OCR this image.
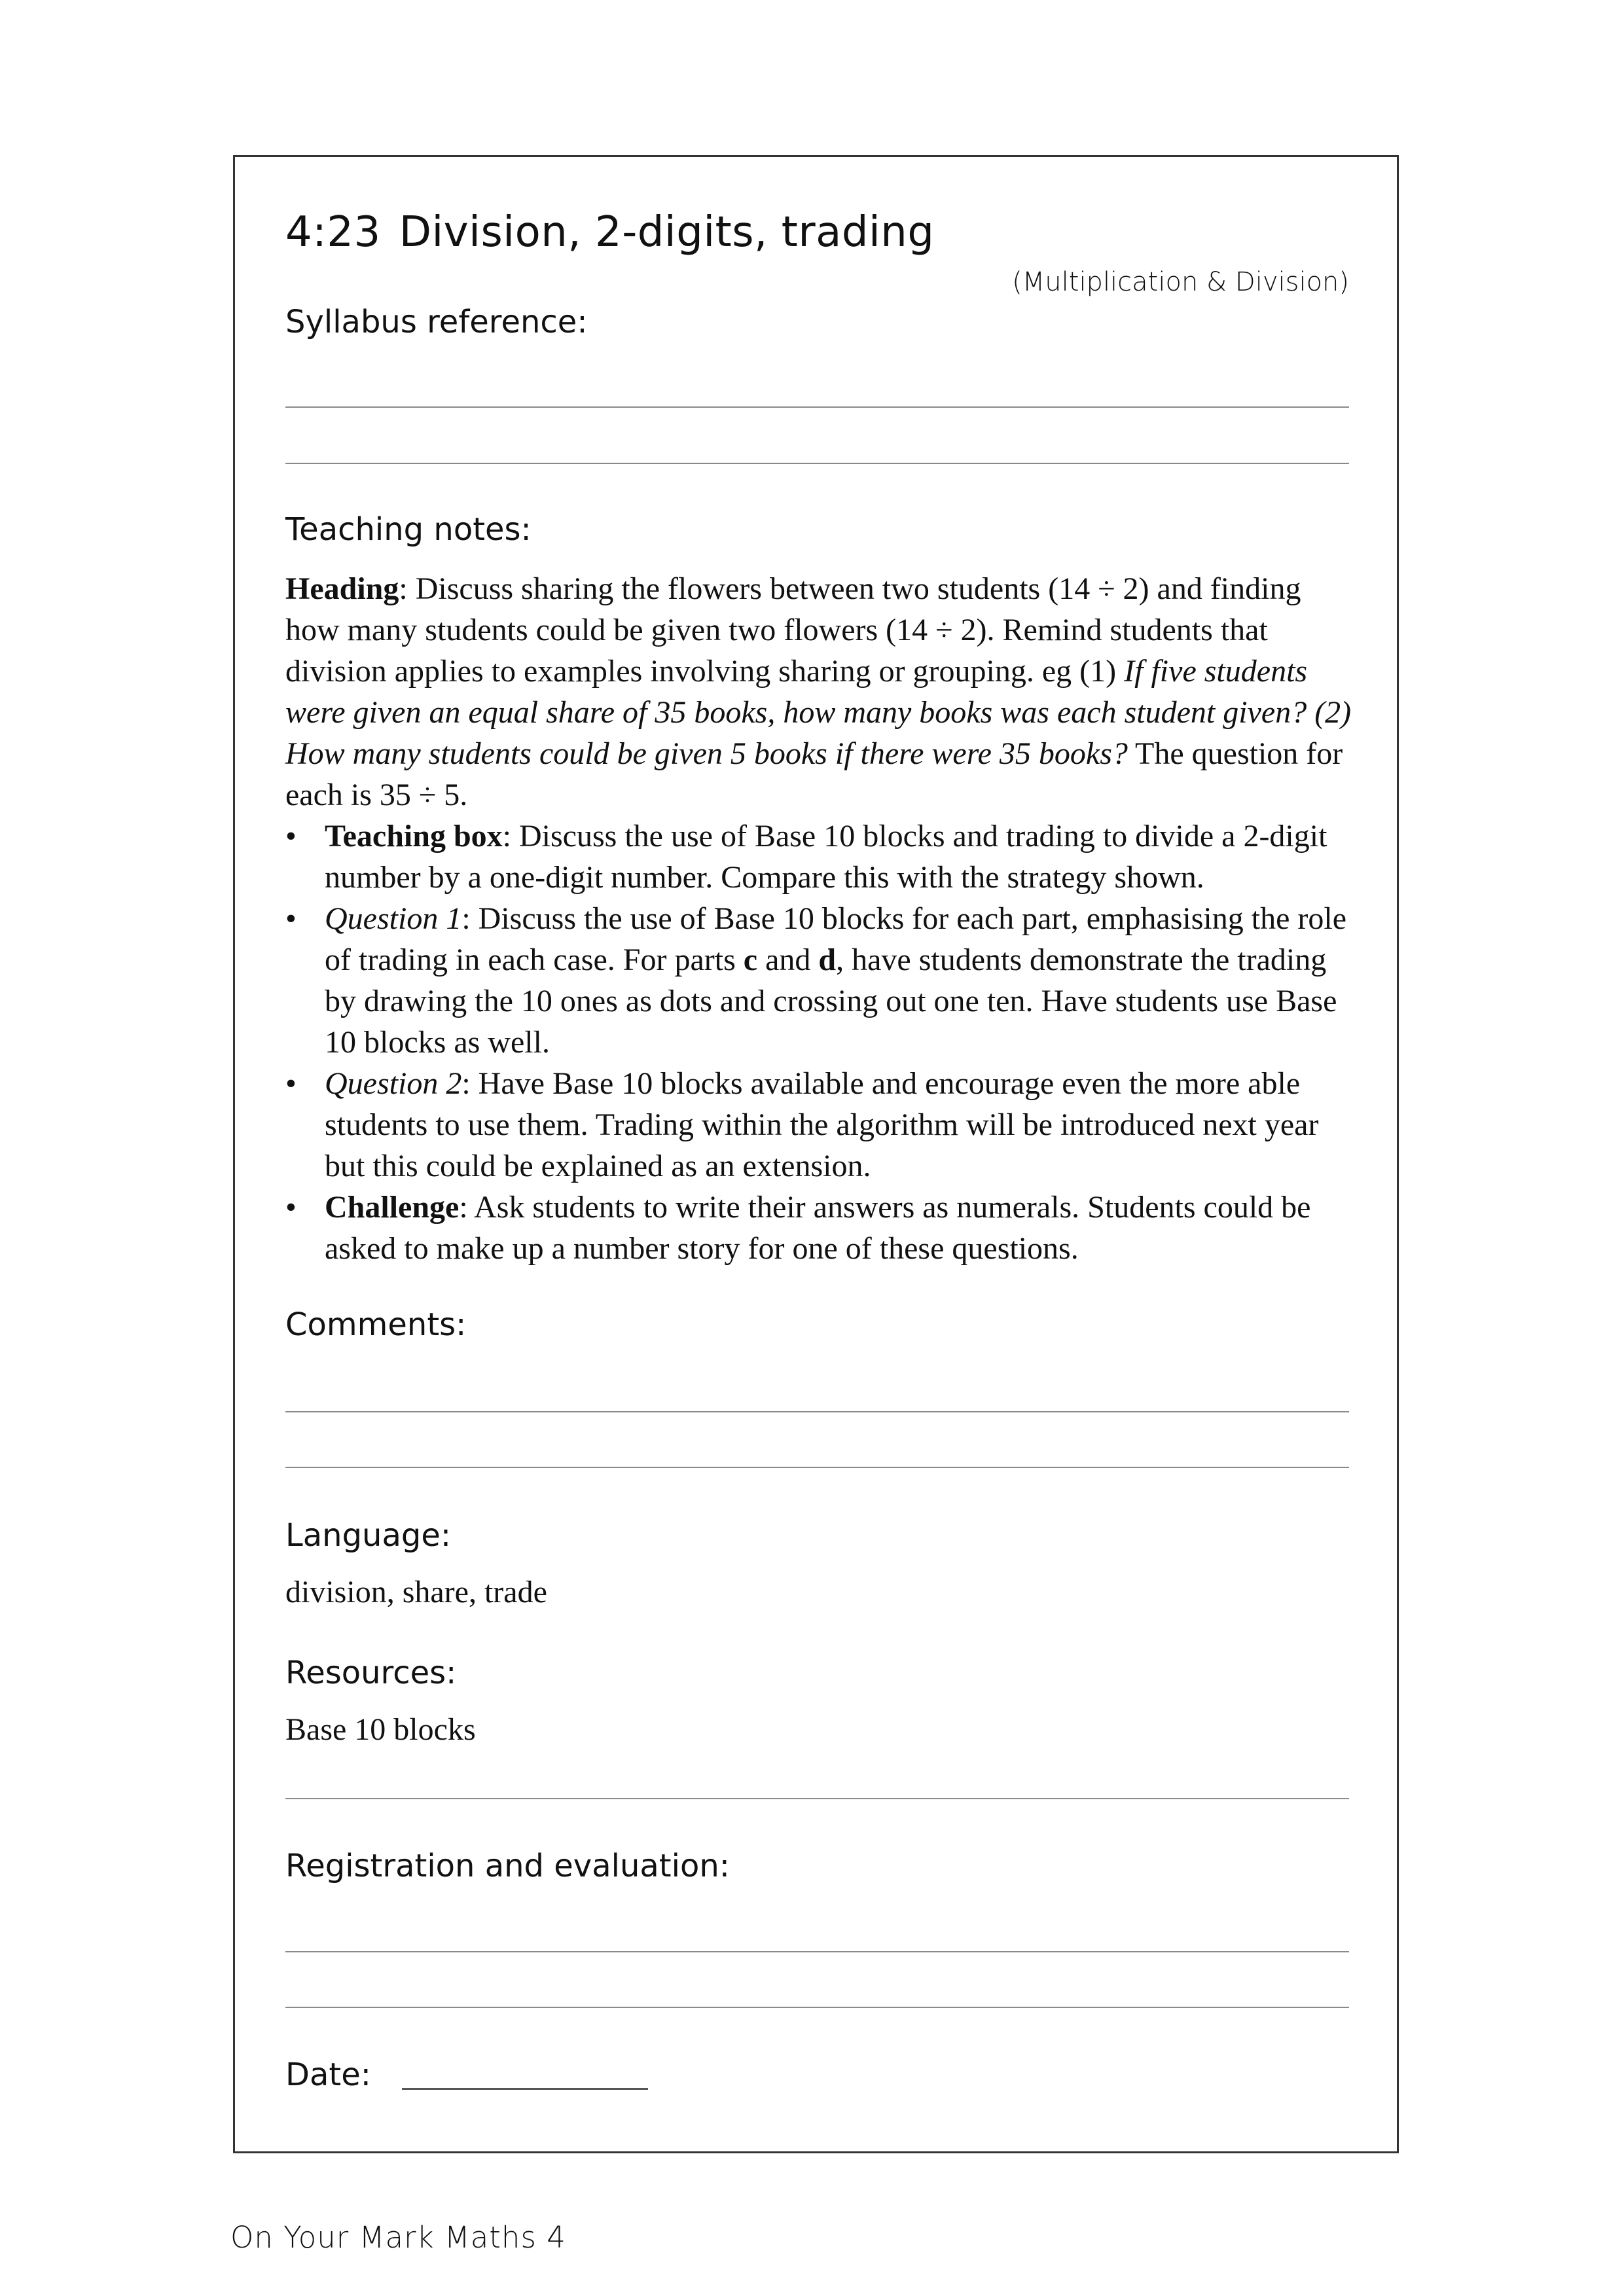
4:23 Division, 2-digits, trading
(Multiplication & Division)
Syllabus reference:
Teaching notes:

Heading: Discuss sharing the flowers between two students (14 ÷ 2) and finding how many students could be given two flowers (14 ÷ 2). Remind students that division applies to examples involving sharing or grouping. eg (1) If five students were given an equal share of 35 books, how many books was each student given? (2) How many students could be given 5 books if there were 35 books? The question for each is 35 ÷ 5.

• Teaching box: Discuss the use of Base 10 blocks and trading to divide a 2-digit number by a one-digit number. Compare this with the strategy shown.
• Question 1: Discuss the use of Base 10 blocks for each part, emphasising the role of trading in each case. For parts c and d, have students demonstrate the trading by drawing the 10 ones as dots and crossing out one ten. Have students use Base 10 blocks as well.
• Question 2: Have Base 10 blocks available and encourage even the more able students to use them. Trading within the algorithm will be introduced next year but this could be explained as an extension.
• Challenge: Ask students to write their answers as numerals. Students could be asked to make up a number story for one of these questions.
Comments:
Language:
division, share, trade
Resources:
Base 10 blocks
Registration and evaluation:
Date:
On Your Mark Maths 4
